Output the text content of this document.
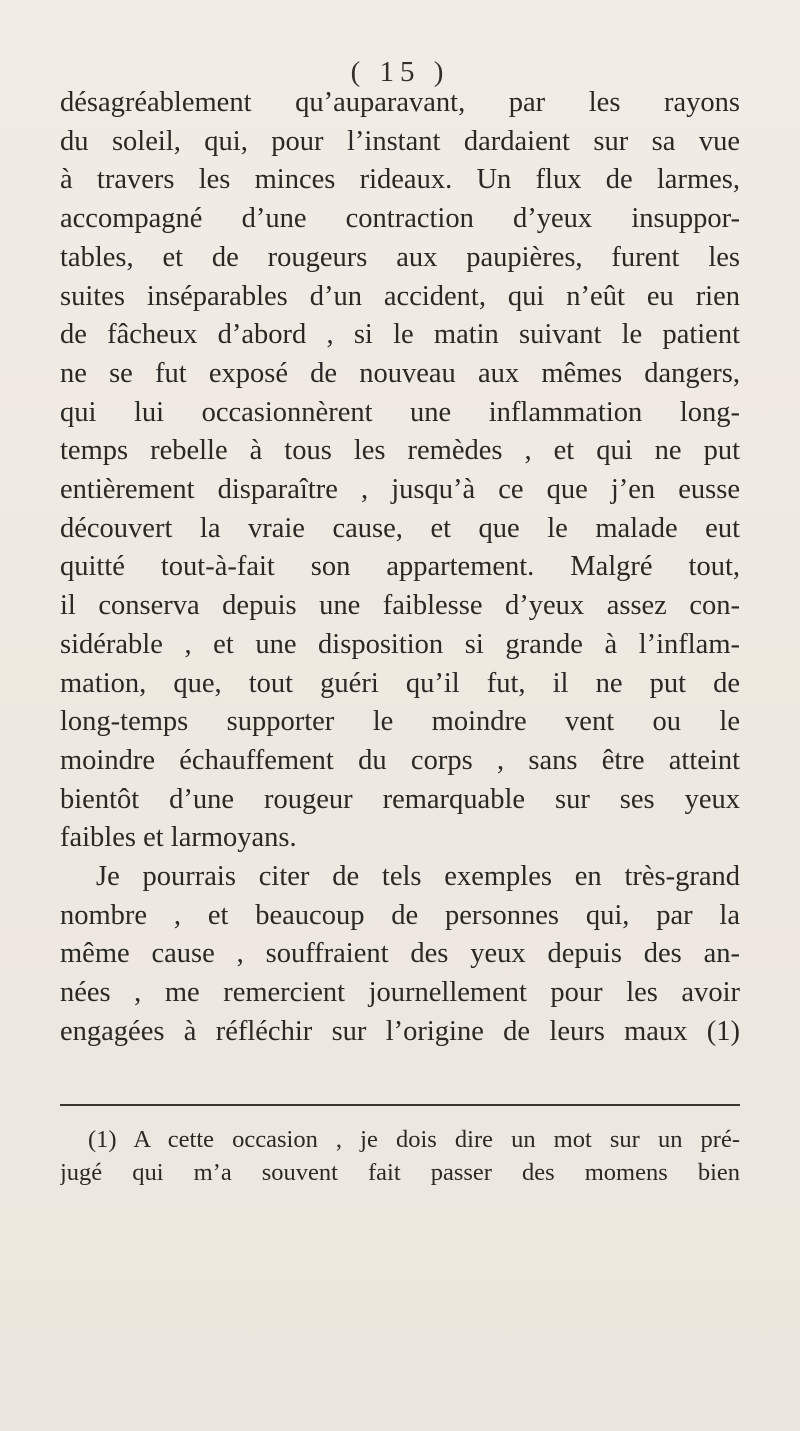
( 15 )
désagréablement qu’auparavant, par les rayons
du soleil, qui, pour l’instant dardaient sur sa vue
à travers les minces rideaux. Un flux de larmes,
accompagné d’une contraction d’yeux insuppor-
tables, et de rougeurs aux paupières, furent les
suites inséparables d’un accident, qui n’eût eu rien
de fâcheux d’abord , si le matin suivant le patient
ne se fut exposé de nouveau aux mêmes dangers,
qui lui occasionnèrent une inflammation long-
temps rebelle à tous les remèdes , et qui ne put
entièrement disparaître , jusqu’à ce que j’en eusse
découvert la vraie cause, et que le malade eut
quitté tout-à-fait son appartement. Malgré tout,
il conserva depuis une faiblesse d’yeux assez con-
sidérable , et une disposition si grande à l’inflam-
mation, que, tout guéri qu’il fut, il ne put de
long-temps supporter le moindre vent ou le
moindre échauffement du corps , sans être atteint
bientôt d’une rougeur remarquable sur ses yeux
faibles et larmoyans.
Je pourrais citer de tels exemples en très-grand
nombre , et beaucoup de personnes qui, par la
même cause , souffraient des yeux depuis des an-
nées , me remercient journellement pour les avoir
engagées à réfléchir sur l’origine de leurs maux (1)
(1) A cette occasion , je dois dire un mot sur un pré-
jugé qui m’a souvent fait passer des momens bien
